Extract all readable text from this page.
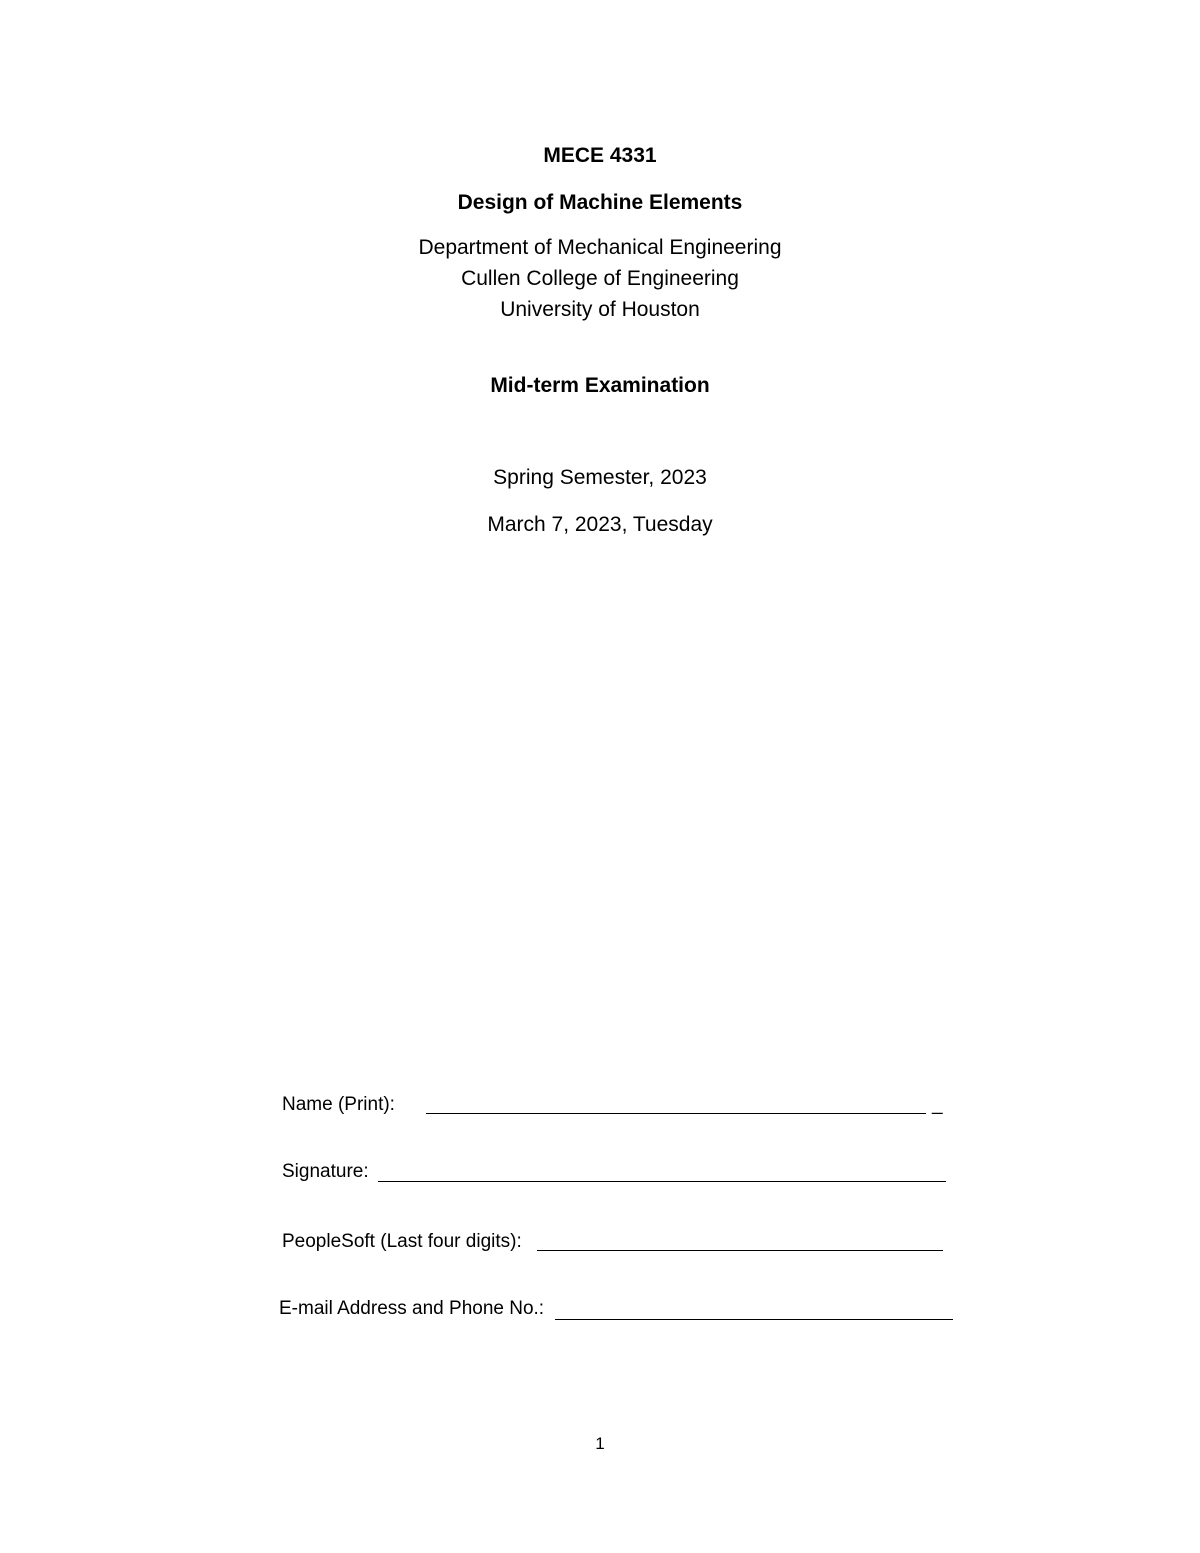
MECE 4331
Design of Machine Elements
Department of Mechanical Engineering
Cullen College of Engineering
University of Houston
Mid-term Examination
Spring Semester, 2023
March 7, 2023, Tuesday
Name (Print):	_
Signature:
PeopleSoft (Last four digits):
E-mail Address and Phone No.:
1
